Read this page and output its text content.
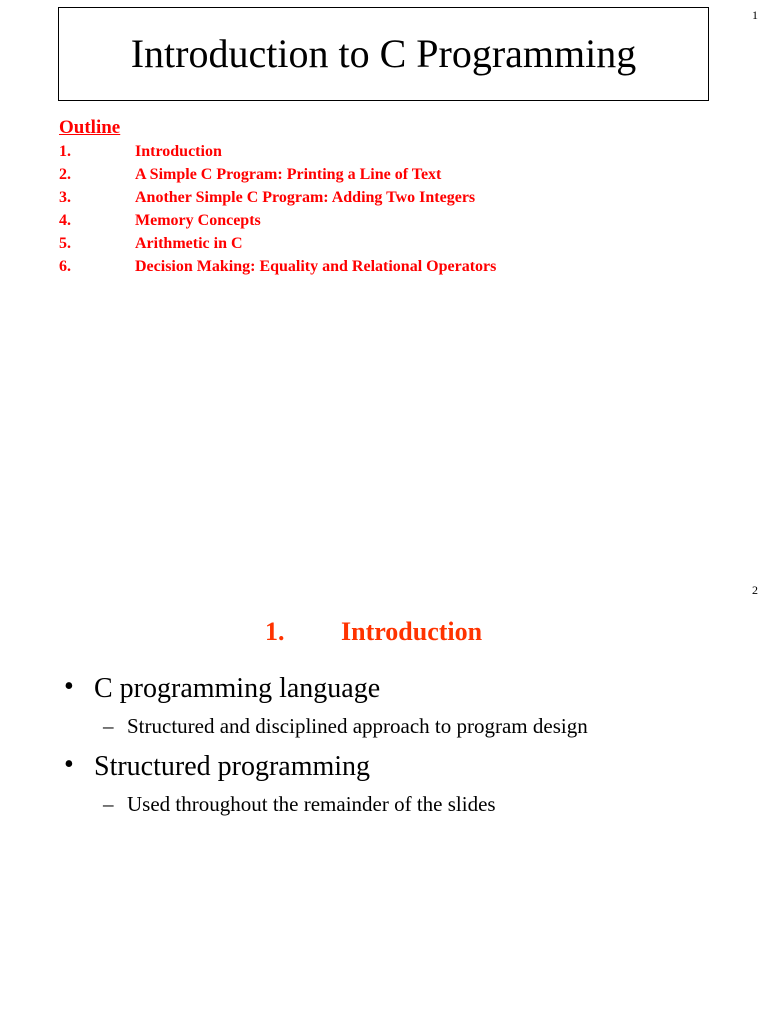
1
Introduction to C Programming
Outline
1.	Introduction
2.	A Simple C Program: Printing a Line of Text
3.	Another Simple C Program: Adding Two Integers
4.	Memory Concepts
5.	Arithmetic in C
6.	Decision Making: Equality and Relational Operators
2
1. Introduction
• C programming language
– Structured and disciplined approach to program design
• Structured programming
– Used throughout the remainder of the slides
